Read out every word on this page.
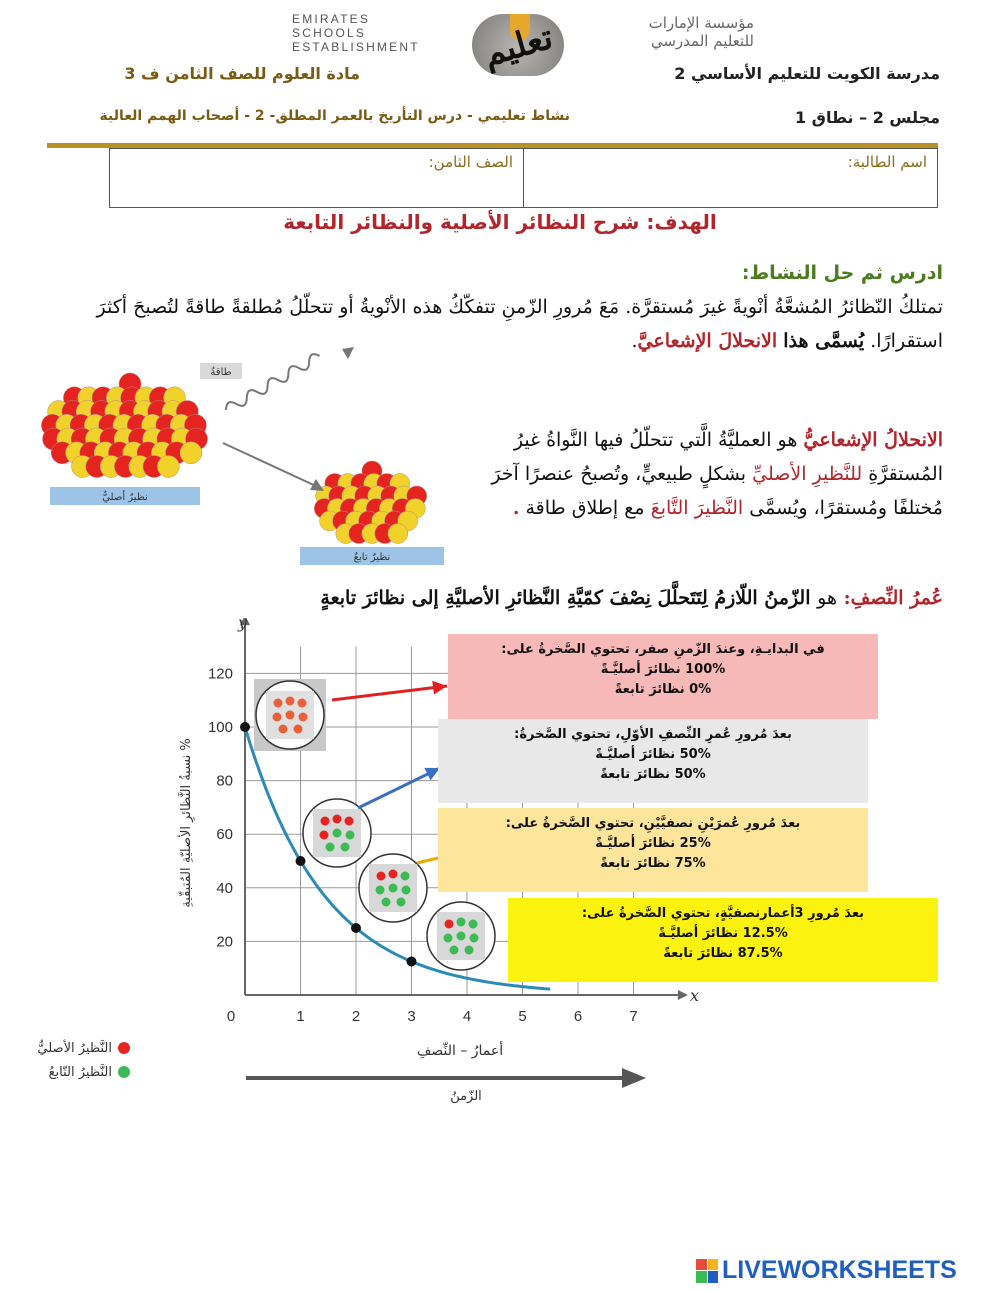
EMIRATES SCHOOLS
ESTABLISHMENT	تعليم	مؤسسة الإمارات
للتعليم المدرسي
مدرسة الكويت للتعليم الأساسي 2
مادة العلوم للصف الثامن ف 3
مجلس 2 – نطاق 1
نشاط تعليمي - درس التأريخ بالعمر المطلق- 2 - أصحاب الهمم العالية
اسم الطالبة:
الصف الثامن:
الهدف: شرح النظائر الأصلية والنظائر التابعة
ادرس ثم حل النشاط:
تمتلكُ النّظائرُ المُشعَّةُ أنْويةً غيرَ مُستقرَّة. مَعَ مُرورِ الزّمنِ تتفكّكُ هذه الأنْويةُ أو تتحلّلُ مُطلقةً طاقةً لتُصبحَ أكثرَ استقرارًا. يُسمَّى هذا الانحلالَ الإشعاعيَّ.
الانحلالُ الإشعاعيُّ هو العمليَّةُ الَّتي تتحلّلُ فيها النَّواةُ غيرُ المُستقرَّةِ للنَّظيرِ الأصليِّ بشكلٍ طبيعيٍّ، وتُصبحُ عنصرًا آخرَ مُختلفًا ومُستقرًا، ويُسمَّى النَّظيرَ التَّابعَ مع إطلاق طاقة .
طاقةٌ
نظيرٌ أصليٌّ
نظيرٌ تابعٌ
عُمرُ النِّصفِ: هو الزّمنُ اللّازمُ لِتَتَحلَّلَ نِصْفَ كمّيَّةِ النَّظائرِ الأصليَّةِ إلى نظائرَ تابعةٍ
20
40
60
80
100
120
0	1	2	3	4	5	6	7
x
y
أعمارُ – النِّصفِ
% نسبةُ النَّظائرِ الأصليّةِ المُتبقّيةِ
الزّمنُ
في البدايـةِ، وعندَ الزّمنِ صفر، تحتوي الصَّخرةُ على:
100% نظائرَ أصليَّـةً
0% نظائرَ تابعةً
بعدَ مُرورِ عُمرِ النِّصفِ الأوّلِ، تحتوي الصَّخرةُ:
50% نظائرَ أصليَّـةً
50% نظائرَ تابعةً
بعدَ مُرورِ عُمرَيْنِ نصفيَّيْنِ، تحتوي الصَّخرةُ على:
25% نظائرَ أصليَّـةً
75% نظائرَ تابعةً
بعدَ مُرورِ 3أعمارنصفيَّةٍ، تحتوي الصَّخرةُ على:
12.5% نظائرَ أصليَّـةً
87.5% نظائرَ تابعةً
النَّظيرُ الأصليُّ
النَّظيرُ التّابعُ
LIVEWORKSHEETS
